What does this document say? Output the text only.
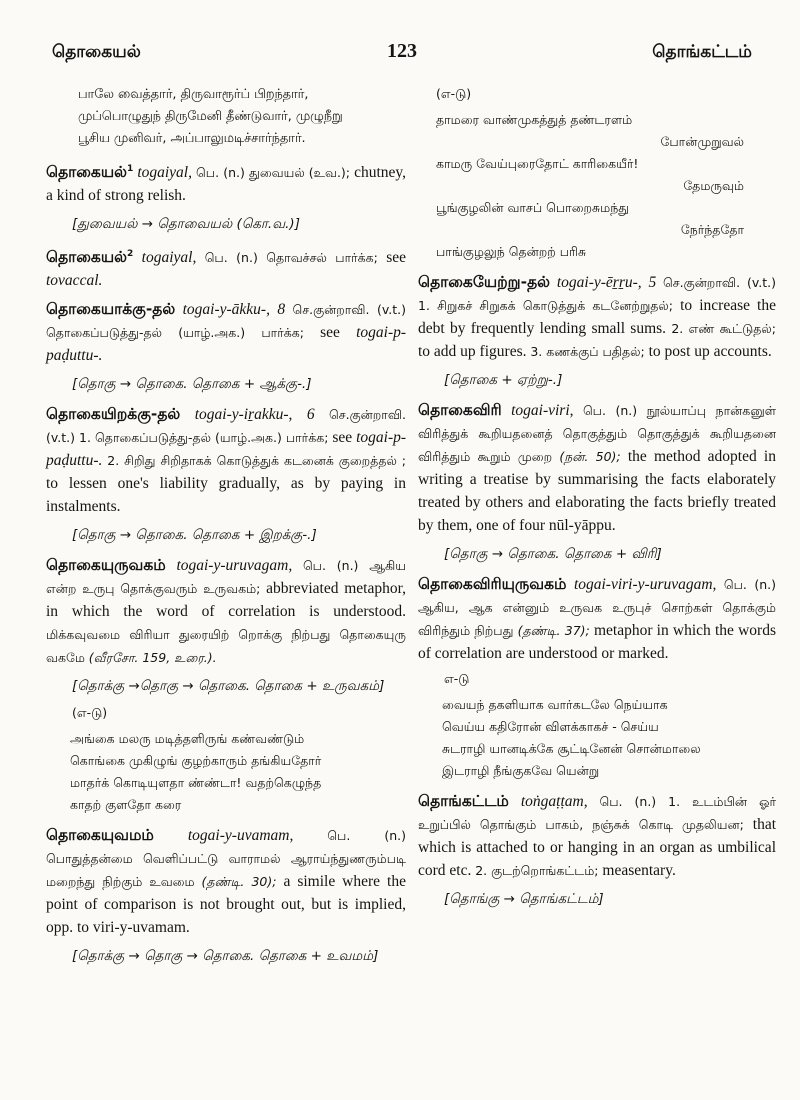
தொகையல்	123	தொங்கட்டம்
பாலே வைத்தார், திருவாரூர்ப் பிறந்தார்,
முப்பொழுதுந் திருமேனி தீண்டுவார், முழுநீறு
பூசிய முனிவர், அப்பாலுமடிச்சார்ந்தார்.
தொகையல்$^1$ togaiyal, பெ. (n.) துவையல் (உவ.); chutney, a kind of strong relish.
[துவையல் → தொவையல் (கொ.வ.)]
தொகையல்$^2$ togaiyal, பெ. (n.) தொவச்சல் பார்க்க; see tovaccal.
தொகையாக்கு-தல் togai-y-ākku-, 8 செ.குன்றாவி. (v.t.) தொகைப்படுத்து-தல் (யாழ்.அக.) பார்க்க; see togai-p-paḍuttu-.
[தொகு → தொகை. தொகை + ஆக்கு-.]
தொகையிறக்கு-தல் togai-y-iṟakku-, 6 செ.குன்றாவி. (v.t.) 1. தொகைப்படுத்து-தல் (யாழ்.அக.) பார்க்க; see togai-p-paḍuttu-. 2. சிறிது சிறிதாகக் கொடுத்துக் கடனைக் குறைத்தல் ; to lessen one's liability gradually, as by paying in instalments.
[தொகு → தொகை. தொகை + இறக்கு-.]
தொகையுருவகம் togai-y-uruvagam, பெ. (n.) ஆகிய என்ற உருபு தொக்குவரும் உருவகம்; abbreviated metaphor, in which the word of correlation is understood. மிக்கவுவமை விரியா துரையிற் றொக்கு நிற்பது தொகையுரு வகமே (வீரசோ. 159, உரை.).
[தொக்கு →தொகு → தொகை. தொகை + உருவகம்]
(எ-டு)
அங்கை மலரு மடித்தளிருங் கண்வண்டும்
கொங்கை முகிழுங் குழற்காரும் தங்கியதோர்
மாதர்க் கொடியுளதா ண்ண்டா! வதற்கெழுந்த
காதற் குளதோ கரை
தொகையுவமம் togai-y-uvamam,	பெ. (n.) பொதுத்தன்மை வெளிப்பட்டு வாராமல் ஆராய்ந்துணரும்படி மறைந்து நிற்கும் உவமை (தண்டி. 30); a simile where the point of comparison is not brought out, but is implied, opp. to viri-y-uvamam.
[தொக்கு → தொகு → தொகை. தொகை + உவமம்]
(எ-டு)
தாமரை வாண்முகத்துத் தண்டரளம்
போன்முறுவல்
காமரு வேய்புரைதோட் காரிகையீர்!
தேமருவும்
பூங்குழலின் வாசப் பொறைசுமந்து
நேர்ந்ததோ
பாங்குழலுந் தென்றற் பரிசு
தொகையேற்று-தல் togai-y-ēṟṟu-, 5 செ.குன்றாவி. (v.t.) 1. சிறுகச் சிறுகக் கொடுத்துக் கடனேற்றுதல்; to increase the debt by frequently lending small sums. 2. எண் கூட்டுதல்; to add up figures. 3. கணக்குப் பதிதல்; to post up accounts.
[தொகை + ஏற்று-.]
தொகைவிரி togai-viri, பெ. (n.) நூல்யாப்பு நான்கனுள் விரித்துக் கூறியதனைத் தொகுத்தும் தொகுத்துக் கூறியதனை விரித்தும் கூறும் முறை (நன். 50); the method adopted in writing a treatise by summarising the facts elaborately treated by others and elaborating the facts briefly treated by them, one of four nūl-yāppu.
[தொகு → தொகை. தொகை + விரி]
தொகைவிரியுருவகம் togai-viri-y-uruvagam, பெ. (n.) ஆகிய, ஆக என்னும் உருவக உருபுச் சொற்கள் தொக்கும் விரிந்தும் நிற்பது (தண்டி. 37); metaphor in which the words of correlation are understood or marked.
எ-டு
வையந் தகளியாக வார்கடலே நெய்யாக
வெய்ய கதிரோன் விளக்காகச் - செய்ய
சுடராழி யானடிக்கே சூட்டினேன் சொன்மாலை
இடராழி நீங்குகவே யென்று
தொங்கட்டம் toṅgaṭṭam, பெ. (n.) 1. உடம்பின் ஓர் உறுப்பில் தொங்கும் பாகம், நஞ்சுக் கொடி முதலியன; that which is attached to or hanging in an organ as umbilical cord etc. 2. குடற்றொங்கட்டம்; measentary.
[தொங்கு → தொங்கட்டம்]
